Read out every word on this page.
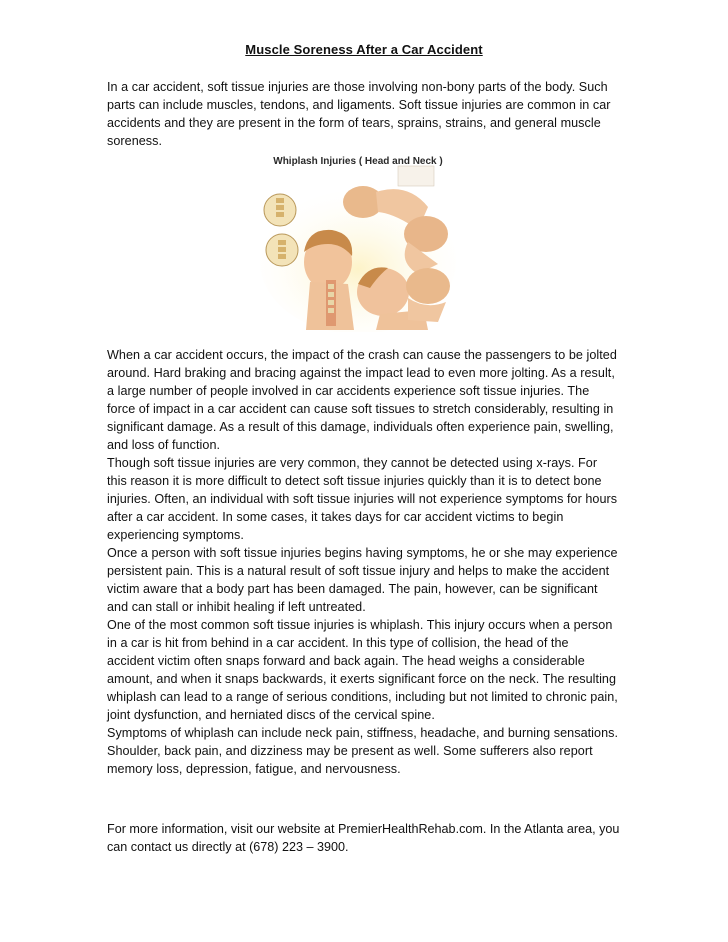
Muscle Soreness After a Car Accident

In a car accident, soft tissue injuries are those involving non-bony parts of the body. Such parts can include muscles, tendons, and ligaments. Soft tissue injuries are common in car accidents and they are present in the form of tears, sprains, strains, and general muscle soreness.

Whiplash Injuries ( Head and Neck )

When a car accident occurs, the impact of the crash can cause the passengers to be jolted around. Hard braking and bracing against the impact lead to even more jolting. As a result, a large number of people involved in car accidents experience soft tissue injuries. The force of impact in a car accident can cause soft tissues to stretch considerably, resulting in significant damage. As a result of this damage, individuals often experience pain, swelling, and loss of function.

Though soft tissue injuries are very common, they cannot be detected using x-rays. For this reason it is more difficult to detect soft tissue injuries quickly than it is to detect bone injuries. Often, an individual with soft tissue injuries will not experience symptoms for hours after a car accident. In some cases, it takes days for car accident victims to begin experiencing symptoms.

Once a person with soft tissue injuries begins having symptoms, he or she may experience persistent pain. This is a natural result of soft tissue injury and helps to make the accident victim aware that a body part has been damaged. The pain, however, can be significant and can stall or inhibit healing if left untreated.

One of the most common soft tissue injuries is whiplash. This injury occurs when a person in a car is hit from behind in a car accident. In this type of collision, the head of the accident victim often snaps forward and back again. The head weighs a considerable amount, and when it snaps backwards, it exerts significant force on the neck. The resulting whiplash can lead to a range of serious conditions, including but not limited to chronic pain, joint dysfunction, and herniated discs of the cervical spine.

Symptoms of whiplash can include neck pain, stiffness, headache, and burning sensations. Shoulder, back pain, and dizziness may be present as well. Some sufferers also report memory loss, depression, fatigue, and nervousness.

For more information, visit our website at PremierHealthRehab.com. In the Atlanta area, you can contact us directly at (678) 223 – 3900.
